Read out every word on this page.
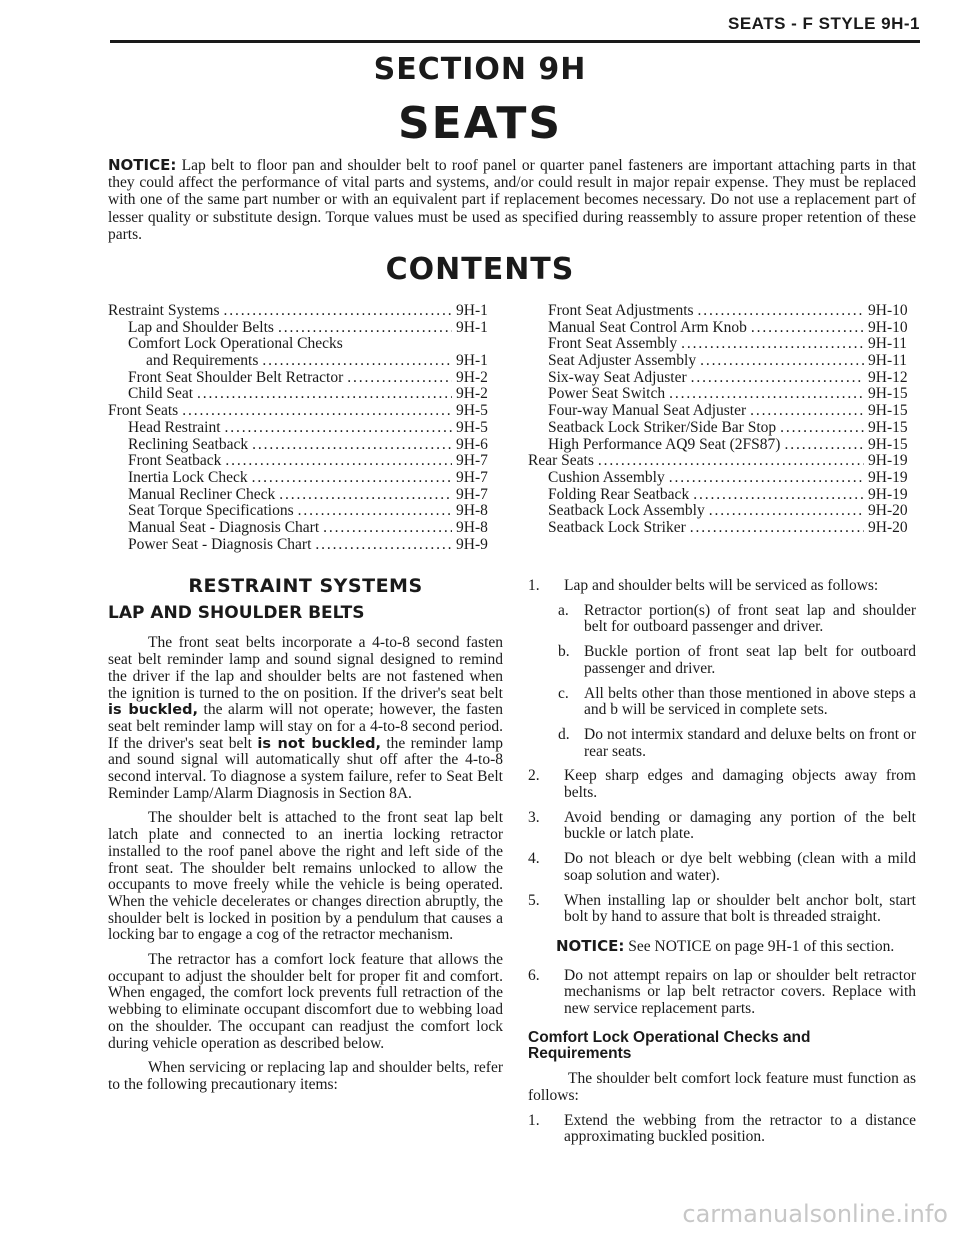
SEATS - F STYLE 9H-1
SECTION 9H
SEATS
NOTICE: Lap belt to floor pan and shoulder belt to roof panel or quarter panel fasteners are important attaching parts in that they could affect the performance of vital parts and systems, and/or could result in major repair expense. They must be replaced with one of the same part number or with an equivalent part if replacement becomes necessary. Do not use a replacement part of lesser quality or substitute design. Torque values must be used as specified during reassembly to assure proper retention of these parts.
CONTENTS
Restraint Systems . . .	9H-1
Lap and Shoulder Belts . . .	9H-1
Comfort Lock Operational Checks
and Requirements . . .	9H-1
Front Seat Shoulder Belt Retractor . . .	9H-2
Child Seat . . .	9H-2
Front Seats . . .	9H-5
Head Restraint . . .	9H-5
Reclining Seatback . . .	9H-6
Front Seatback . . .	9H-7
Inertia Lock Check . . .	9H-7
Manual Recliner Check . . .	9H-7
Seat Torque Specifications . . .	9H-8
Manual Seat - Diagnosis Chart . . .	9H-8
Power Seat - Diagnosis Chart . . .	9H-9
Front Seat Adjustments . . .	9H-10
Manual Seat Control Arm Knob . . .	9H-10
Front Seat Assembly . . .	9H-11
Seat Adjuster Assembly . . .	9H-11
Six-way Seat Adjuster . . .	9H-12
Power Seat Switch . . .	9H-15
Four-way Manual Seat Adjuster . . .	9H-15
Seatback Lock Striker/Side Bar Stop . . .	9H-15
High Performance AQ9 Seat (2FS87) . . .	9H-15
Rear Seats . . .	9H-19
Cushion Assembly . . .	9H-19
Folding Rear Seatback . . .	9H-19
Seatback Lock Assembly . . .	9H-20
Seatback Lock Striker . . .	9H-20
RESTRAINT SYSTEMS
LAP AND SHOULDER BELTS

The front seat belts incorporate a 4-to-8 second fasten seat belt reminder lamp and sound signal designed to remind the driver if the lap and shoulder belts are not fastened when the ignition is turned to the on position. If the driver's seat belt is buckled, the alarm will not operate; however, the fasten seat belt reminder lamp will stay on for a 4-to-8 second period. If the driver's seat belt is not buckled, the reminder lamp and sound signal will automatically shut off after the 4-to-8 second interval. To diagnose a system failure, refer to Seat Belt Reminder Lamp/Alarm Diagnosis in Section 8A.

The shoulder belt is attached to the front seat lap belt latch plate and connected to an inertia locking retractor installed to the roof panel above the right and left side of the front seat. The shoulder belt remains unlocked to allow the occupants to move freely while the vehicle is being operated. When the vehicle decelerates or changes direction abruptly, the shoulder belt is locked in position by a pendulum that causes a locking bar to engage a cog of the retractor mechanism.

The retractor has a comfort lock feature that allows the occupant to adjust the shoulder belt for proper fit and comfort. When engaged, the comfort lock prevents full retraction of the webbing to eliminate occupant discomfort due to webbing load on the shoulder. The occupant can readjust the comfort lock during vehicle operation as described below.

When servicing or replacing lap and shoulder belts, refer to the following precautionary items:

1.	Lap and shoulder belts will be serviced as follows:
a. Retractor portion(s) of front seat lap and shoulder belt for outboard passenger and driver.
b. Buckle portion of front seat lap belt for outboard passenger and driver.
c. All belts other than those mentioned in above steps a and b will be serviced in complete sets.
d. Do not intermix standard and deluxe belts on front or rear seats.
2.	Keep sharp edges and damaging objects away from belts.
3.	Avoid bending or damaging any portion of the belt buckle or latch plate.
4.	Do not bleach or dye belt webbing (clean with a mild soap solution and water).
5.	When installing lap or shoulder belt anchor bolt, start bolt by hand to assure that bolt is threaded straight.
NOTICE: See NOTICE on page 9H-1 of this section.
6.	Do not attempt repairs on lap or shoulder belt retractor mechanisms or lap belt retractor covers. Replace with new service replacement parts.
Comfort Lock Operational Checks and Requirements

The shoulder belt comfort lock feature must function as follows:

1.	Extend the webbing from the retractor to a distance approximating buckled position.
carmanualsonline.info
